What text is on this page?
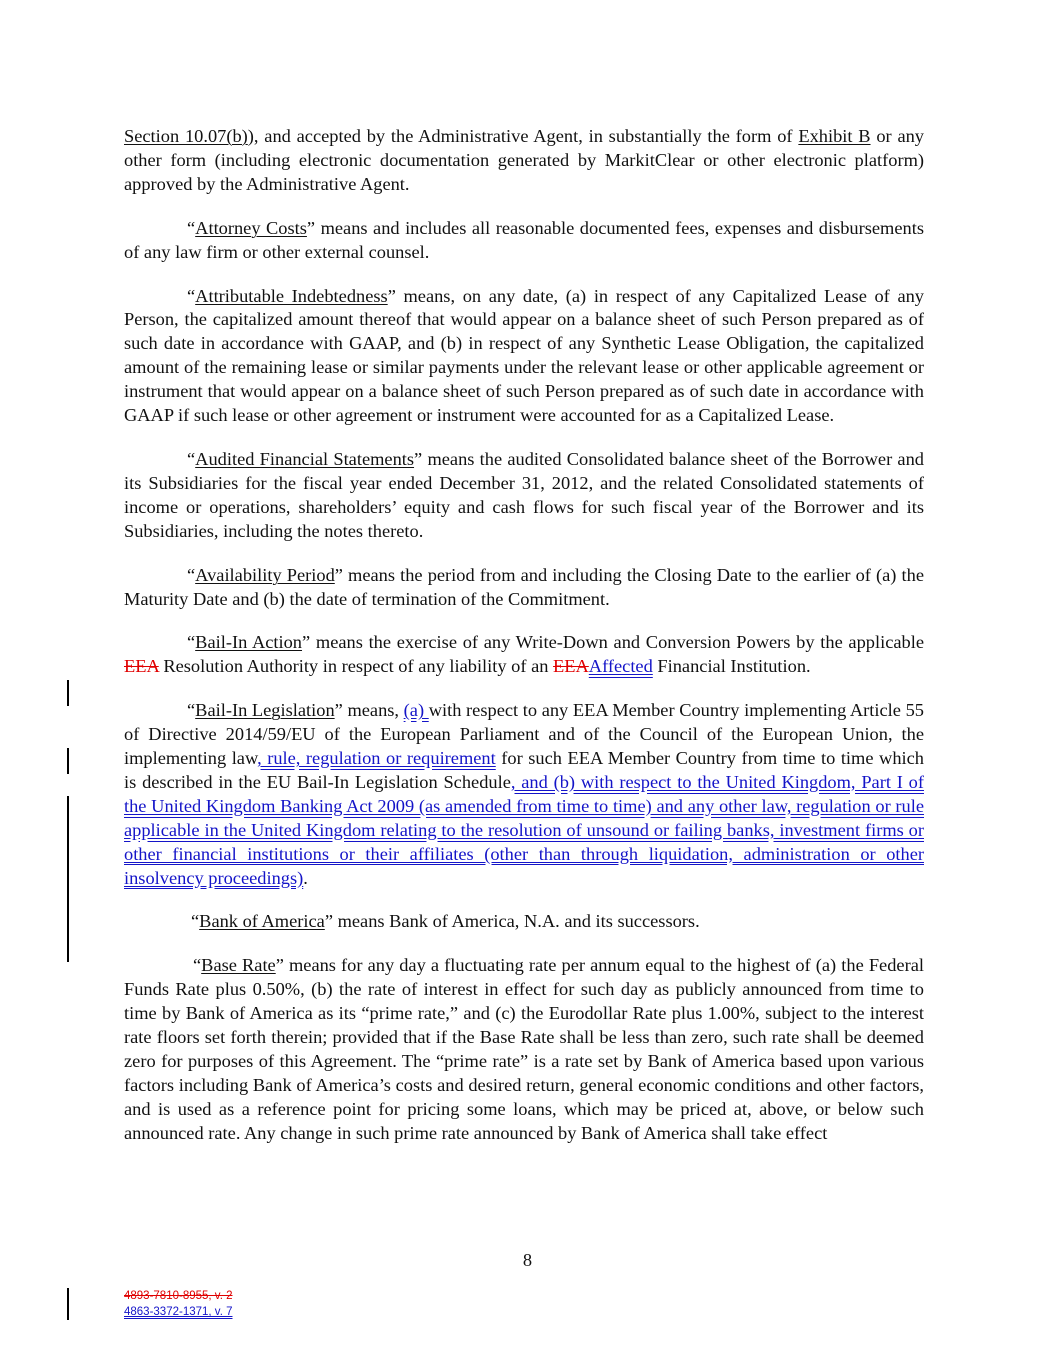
Section 10.07(b)), and accepted by the Administrative Agent, in substantially the form of Exhibit B or any other form (including electronic documentation generated by MarkitClear or other electronic platform) approved by the Administrative Agent.

“Attorney Costs” means and includes all reasonable documented fees, expenses and disbursements of any law firm or other external counsel.

“Attributable Indebtedness” means, on any date, (a) in respect of any Capitalized Lease of any Person, the capitalized amount thereof that would appear on a balance sheet of such Person prepared as of such date in accordance with GAAP, and (b) in respect of any Synthetic Lease Obligation, the capitalized amount of the remaining lease or similar payments under the relevant lease or other applicable agreement or instrument that would appear on a balance sheet of such Person prepared as of such date in accordance with GAAP if such lease or other agreement or instrument were accounted for as a Capitalized Lease.

“Audited Financial Statements” means the audited Consolidated balance sheet of the Borrower and its Subsidiaries for the fiscal year ended December 31, 2012, and the related Consolidated statements of income or operations, shareholders’ equity and cash flows for such fiscal year of the Borrower and its Subsidiaries, including the notes thereto.

“Availability Period” means the period from and including the Closing Date to the earlier of (a) the Maturity Date and (b) the date of termination of the Commitment.

“Bail-In Action” means the exercise of any Write-Down and Conversion Powers by the applicable EEA Resolution Authority in respect of any liability of an EEAAffected Financial Institution.

“Bail-In Legislation” means, (a) with respect to any EEA Member Country implementing Article 55 of Directive 2014/59/EU of the European Parliament and of the Council of the European Union, the implementing law, rule, regulation or requirement for such EEA Member Country from time to time which is described in the EU Bail-In Legislation Schedule, and (b) with respect to the United Kingdom, Part I of the United Kingdom Banking Act 2009 (as amended from time to time) and any other law, regulation or rule applicable in the United Kingdom relating to the resolution of unsound or failing banks, investment firms or other financial institutions or their affiliates (other than through liquidation, administration or other insolvency proceedings).

“Bank of America” means Bank of America, N.A. and its successors.

“Base Rate” means for any day a fluctuating rate per annum equal to the highest of (a) the Federal Funds Rate plus 0.50%, (b) the rate of interest in effect for such day as publicly announced from time to time by Bank of America as its “prime rate,” and (c) the Eurodollar Rate plus 1.00%, subject to the interest rate floors set forth therein; provided that if the Base Rate shall be less than zero, such rate shall be deemed zero for purposes of this Agreement. The “prime rate” is a rate set by Bank of America based upon various factors including Bank of America’s costs and desired return, general economic conditions and other factors, and is used as a reference point for pricing some loans, which may be priced at, above, or below such announced rate. Any change in such prime rate announced by Bank of America shall take effect

8
4893-7810-8955, v. 2
4863-3372-1371, v. 7
